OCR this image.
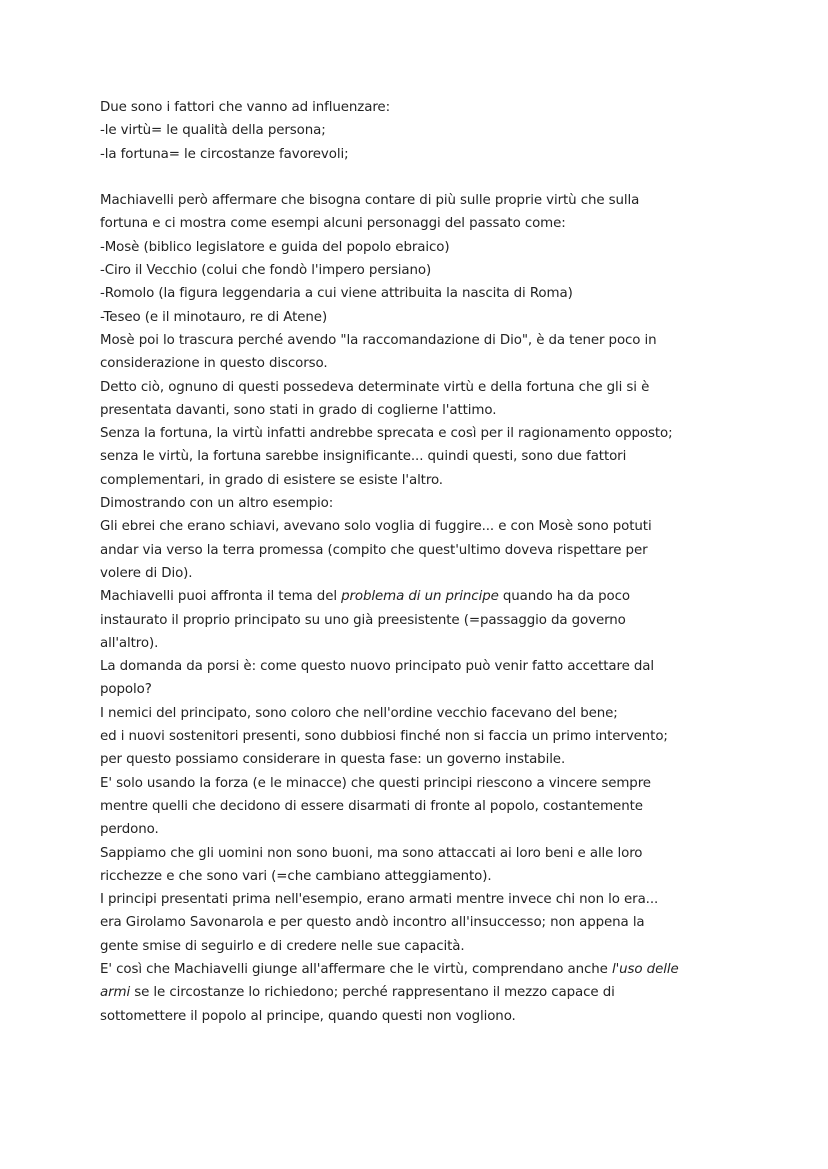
Due sono i fattori che vanno ad influenzare:
-le virtù= le qualità della persona;
-la fortuna= le circostanze favorevoli;
Machiavelli però affermare che bisogna contare di più sulle proprie virtù che sulla
fortuna e ci mostra come esempi alcuni personaggi del passato come:
-Mosè (biblico legislatore e guida del popolo ebraico)
-Ciro il Vecchio (colui che fondò l'impero persiano)
-Romolo (la figura leggendaria a cui viene attribuita la nascita di Roma)
-Teseo (e il minotauro, re di Atene)
Mosè poi lo trascura perché avendo "la raccomandazione di Dio", è da tener poco in
considerazione in questo discorso.
Detto ciò, ognuno di questi possedeva determinate virtù e della fortuna che gli si è
presentata davanti, sono stati in grado di coglierne l'attimo.
Senza la fortuna, la virtù infatti andrebbe sprecata e così per il ragionamento opposto;
senza le virtù, la fortuna sarebbe insignificante... quindi questi, sono due fattori
complementari, in grado di esistere se esiste l'altro.
Dimostrando con un altro esempio:
Gli ebrei che erano schiavi, avevano solo voglia di fuggire... e con Mosè sono potuti
andar via verso la terra promessa (compito che quest'ultimo doveva rispettare per
volere di Dio).
Machiavelli puoi affronta il tema del problema di un principe quando ha da poco
instaurato il proprio principato su uno già preesistente (=passaggio da governo
all'altro).
La domanda da porsi è: come questo nuovo principato può venir fatto accettare dal
popolo?
I nemici del principato, sono coloro che nell'ordine vecchio facevano del bene;
ed i nuovi sostenitori presenti, sono dubbiosi finché non si faccia un primo intervento;
per questo possiamo considerare in questa fase: un governo instabile.
E' solo usando la forza (e le minacce) che questi principi riescono a vincere sempre
mentre quelli che decidono di essere disarmati di fronte al popolo, costantemente
perdono.
Sappiamo che gli uomini non sono buoni, ma sono attaccati ai loro beni e alle loro
ricchezze e che sono vari (=che cambiano atteggiamento).
I principi presentati prima nell'esempio, erano armati mentre invece chi non lo era...
era Girolamo Savonarola e per questo andò incontro all'insuccesso; non appena la
gente smise di seguirlo e di credere nelle sue capacità.
E' così che Machiavelli giunge all'affermare che le virtù, comprendano anche l'uso delle
armi se le circostanze lo richiedono; perché rappresentano il mezzo capace di
sottomettere il popolo al principe, quando questi non vogliono.
